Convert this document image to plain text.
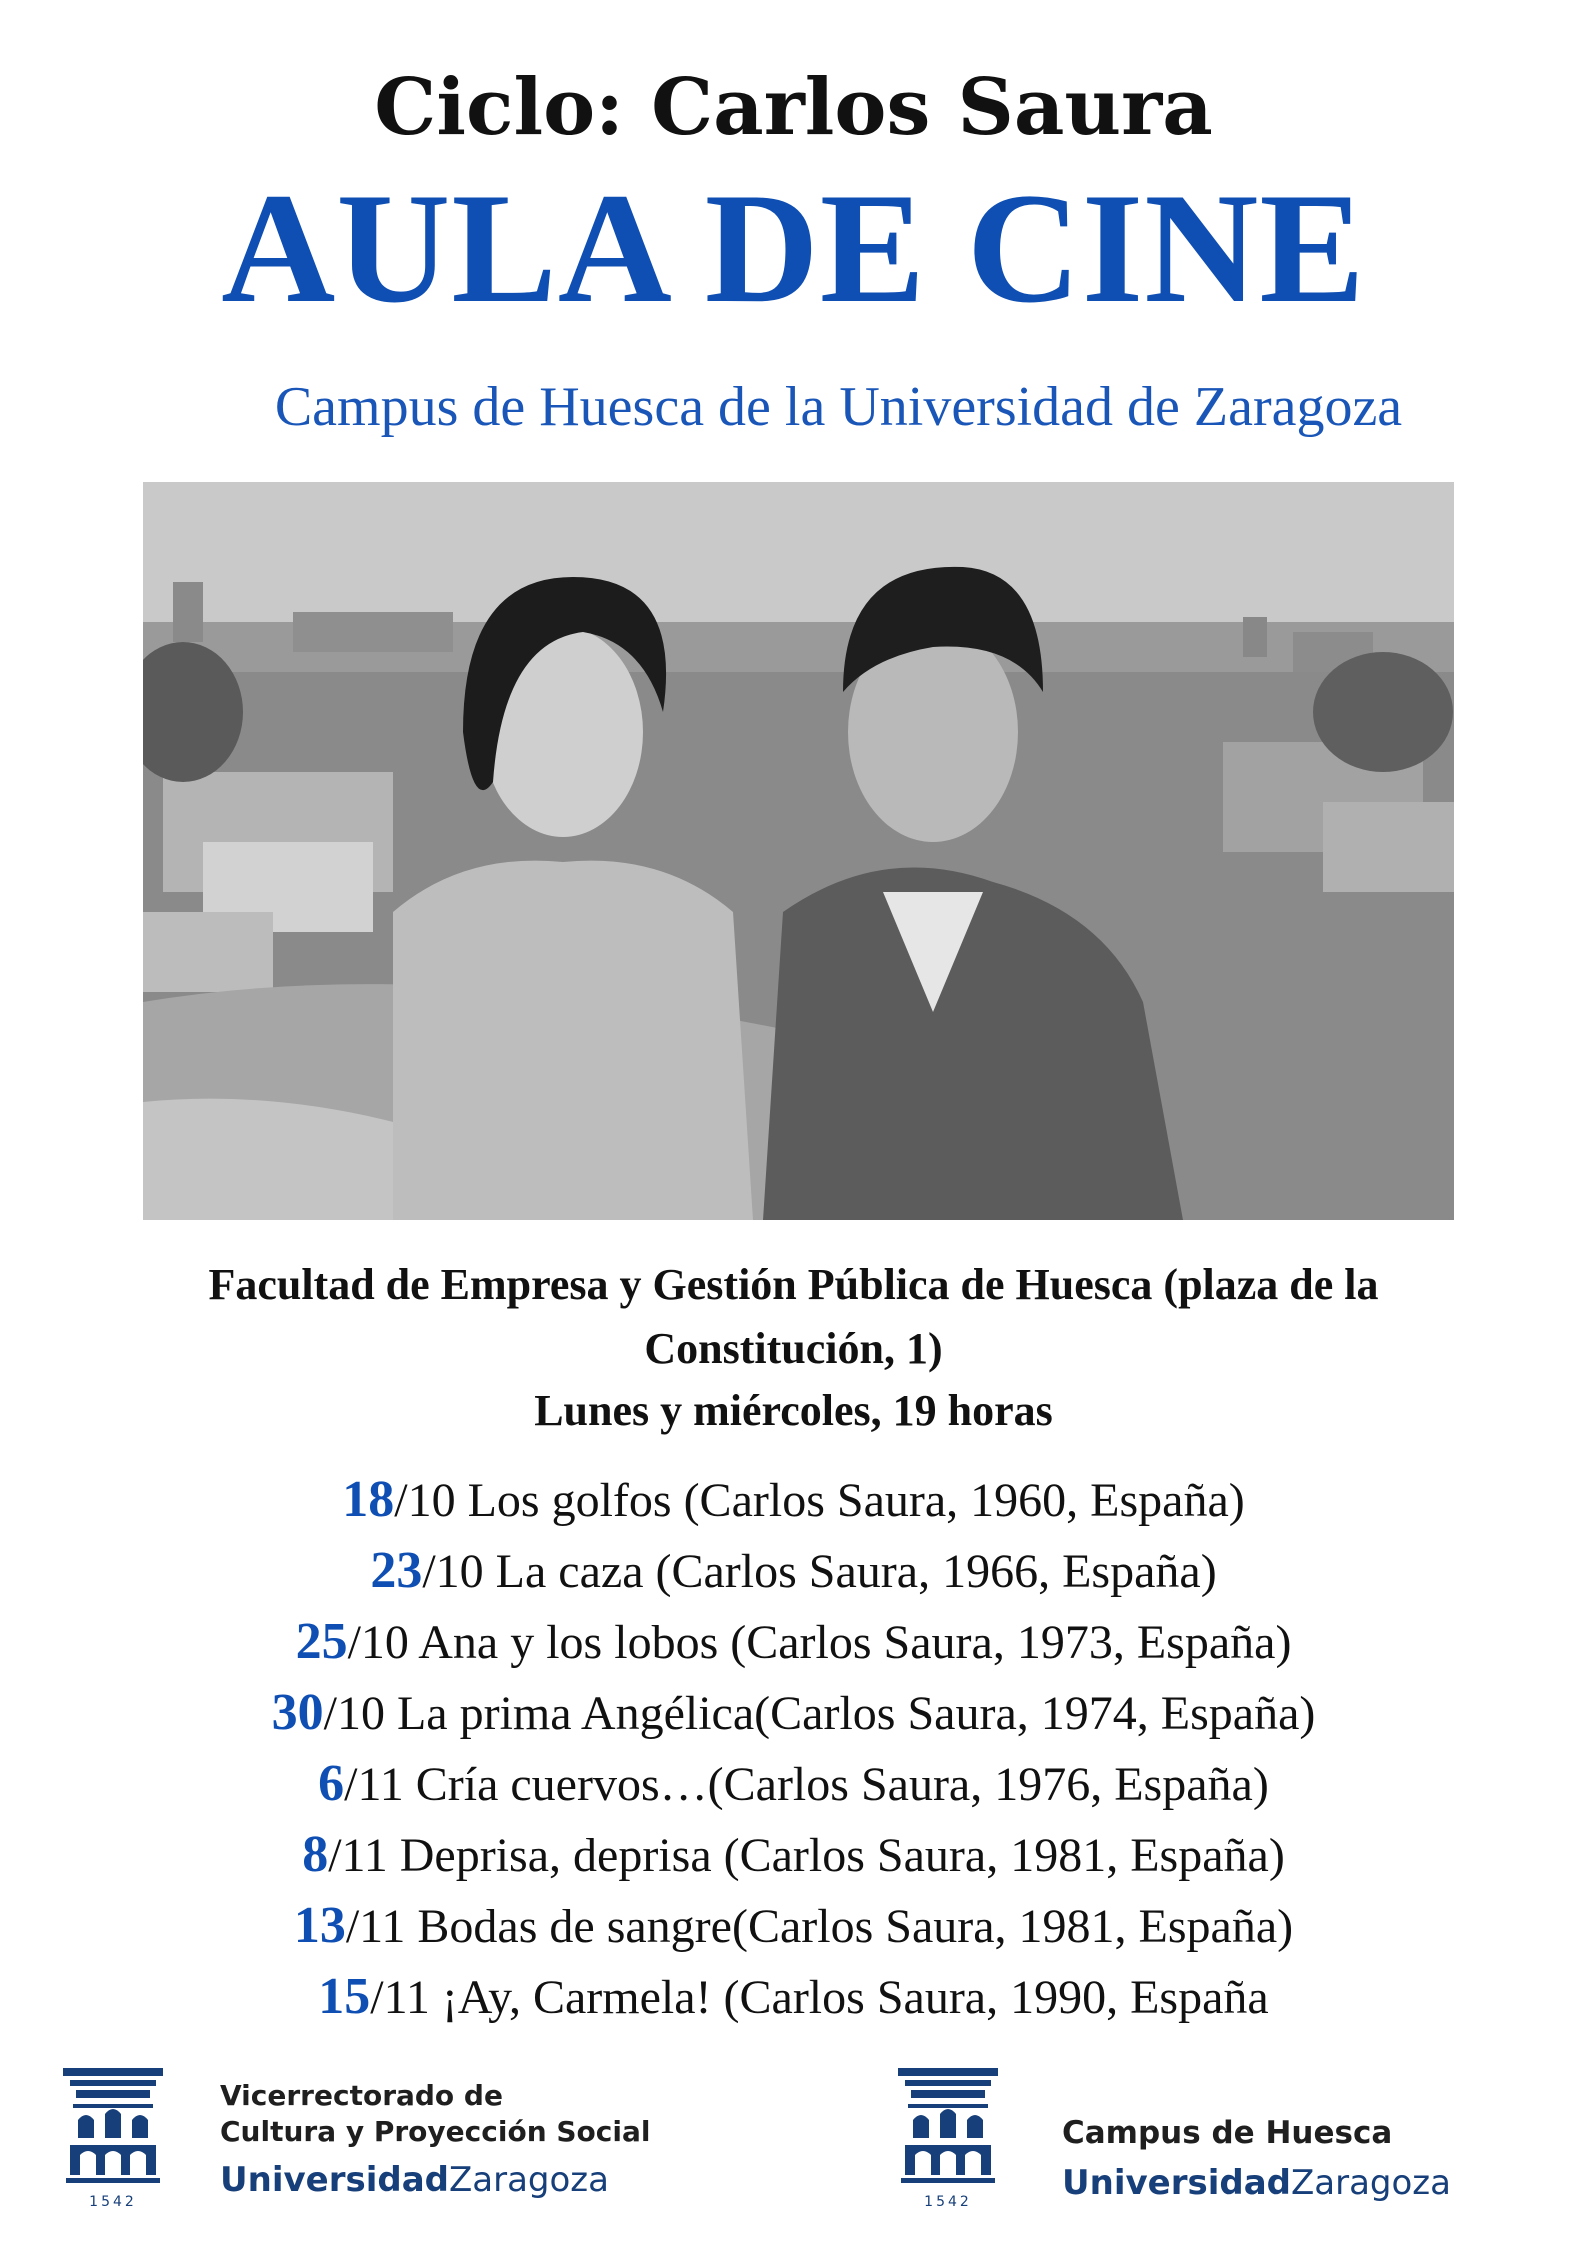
Ciclo: Carlos Saura
AULA DE CINE
Campus de Huesca de la Universidad de Zaragoza
Facultad de Empresa y Gestión Pública de Huesca (plaza de la
Constitución, 1)
Lunes y miércoles, 19 horas
18/10 Los golfos (Carlos Saura, 1960, España)
23/10 La caza (Carlos Saura, 1966, España)
25/10 Ana y los lobos (Carlos Saura, 1973, España)
30/10 La prima Angélica(Carlos Saura, 1974, España)
6/11 Cría cuervos…(Carlos Saura, 1976, España)
8/11 Deprisa, deprisa (Carlos Saura, 1981, España)
13/11 Bodas de sangre(Carlos Saura, 1981, España)
15/11 ¡Ay, Carmela! (Carlos Saura, 1990, España
1542
Vicerrectorado de
Cultura y Proyección Social
UniversidadZaragoza
1542
Campus de Huesca
UniversidadZaragoza
